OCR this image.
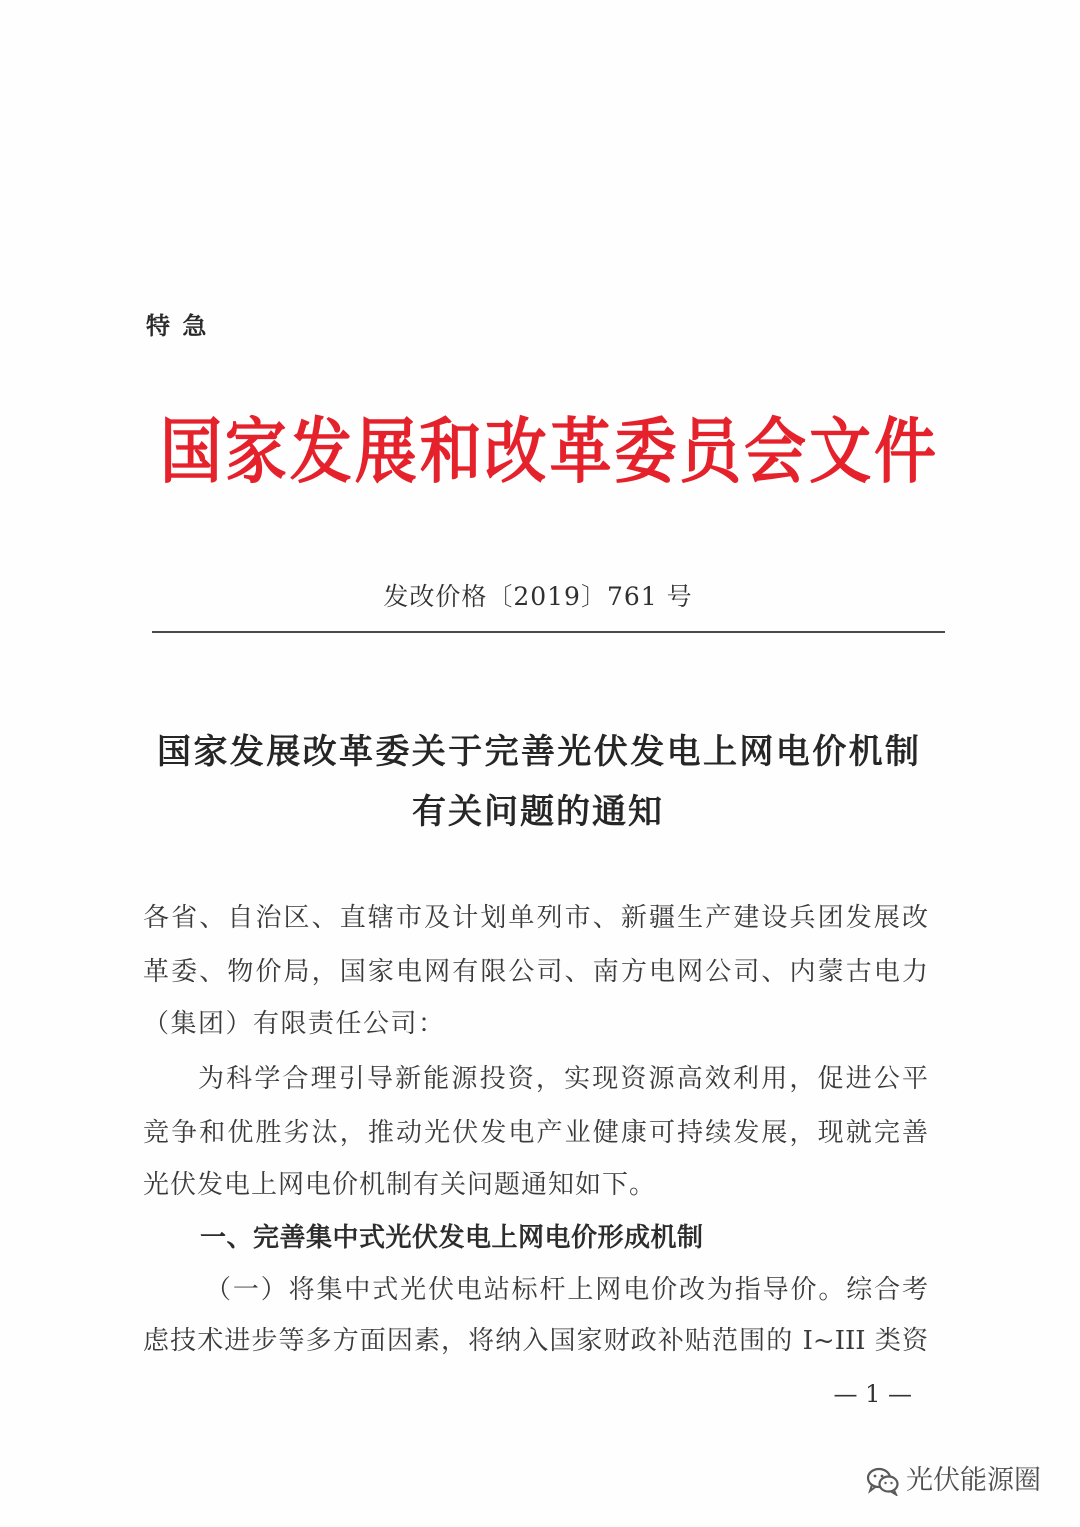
特 急
国家发展和改革委员会文件
发改价格〔2019〕761 号
国家发展改革委关于完善光伏发电上网电价机制
有关问题的通知
各省、自治区、直辖市及计划单列市、新疆生产建设兵团发展改
革委、物价局，国家电网有限公司、南方电网公司、内蒙古电力
（集团）有限责任公司：
为科学合理引导新能源投资，实现资源高效利用，促进公平
竞争和优胜劣汰，推动光伏发电产业健康可持续发展，现就完善
光伏发电上网电价机制有关问题通知如下。
一、完善集中式光伏发电上网电价形成机制
（一）将集中式光伏电站标杆上网电价改为指导价。综合考
虑技术进步等多方面因素，将纳入国家财政补贴范围的 I~III 类资
— 1 —
光伏能源圈
